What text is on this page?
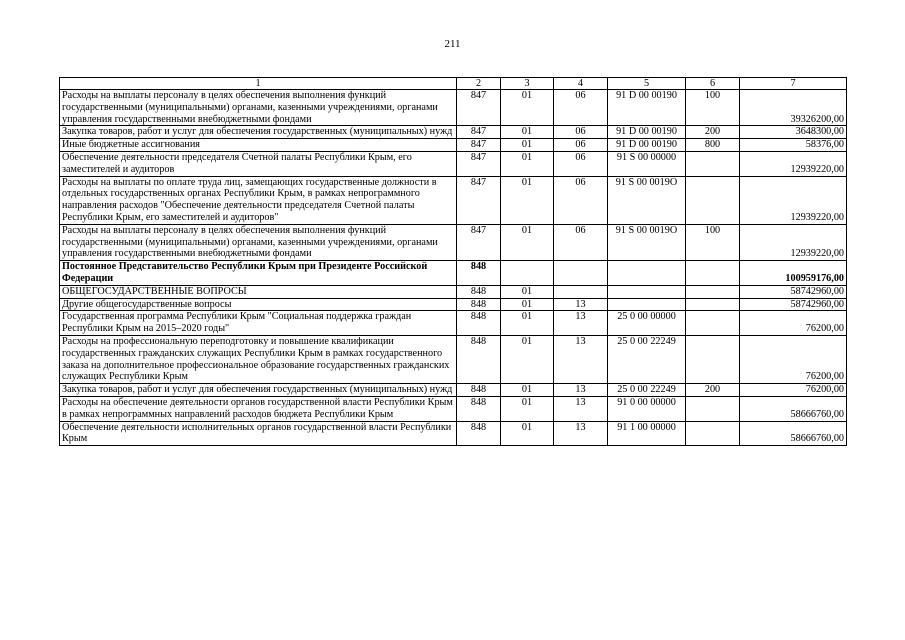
211
1	2	3	4	5	6	7
Расходы на выплаты персоналу в целях обеспечения выполнения функций государственными (муниципальными) органами, казенными учреждениями, органами управления государственными внебюджетными фондами	847	01	06	91 D 00 00190	100	39326200,00
Закупка товаров, работ и услуг для обеспечения государственных (муниципальных) нужд	847	01	06	91 D 00 00190	200	3648300,00
Иные бюджетные ассигнования	847	01	06	91 D 00 00190	800	58376,00
Обеспечение деятельности председателя Счетной палаты Республики Крым, его заместителей и аудиторов	847	01	06	91 S 00 00000		12939220,00
Расходы на выплаты по оплате труда лиц, замещающих государственные должности в отдельных государственных органах Республики Крым, в рамках непрограммного направления расходов "Обеспечение деятельности председателя Счетной палаты Республики Крым, его заместителей и аудиторов"	847	01	06	91 S 00 0019O		12939220,00
Расходы на выплаты персоналу в целях обеспечения выполнения функций государственными (муниципальными) органами, казенными учреждениями, органами управления государственными внебюджетными фондами	847	01	06	91 S 00 0019O	100	12939220,00
Постоянное Представительство Республики Крым при Президенте Российской Федерации	848					100959176,00
ОБЩЕГОСУДАРСТВЕННЫЕ ВОПРОСЫ	848	01				58742960,00
Другие общегосударственные вопросы	848	01	13			58742960,00
Государственная программа Республики Крым "Социальная поддержка граждан Республики Крым на 2015–2020 годы"	848	01	13	25 0 00 00000		76200,00
Расходы на профессиональную переподготовку и повышение квалификации государственных гражданских служащих Республики Крым в рамках государственного заказа на дополнительное профессиональное образование государственных гражданских служащих Республики Крым	848	01	13	25 0 00 22249		76200,00
Закупка товаров, работ и услуг для обеспечения государственных (муниципальных) нужд	848	01	13	25 0 00 22249	200	76200,00
Расходы на обеспечение деятельности органов государственной власти Республики Крым в рамках непрограммных направлений расходов бюджета Республики Крым	848	01	13	91 0 00 00000		58666760,00
Обеспечение деятельности исполнительных органов государственной власти Республики Крым	848	01	13	91 1 00 00000		58666760,00
